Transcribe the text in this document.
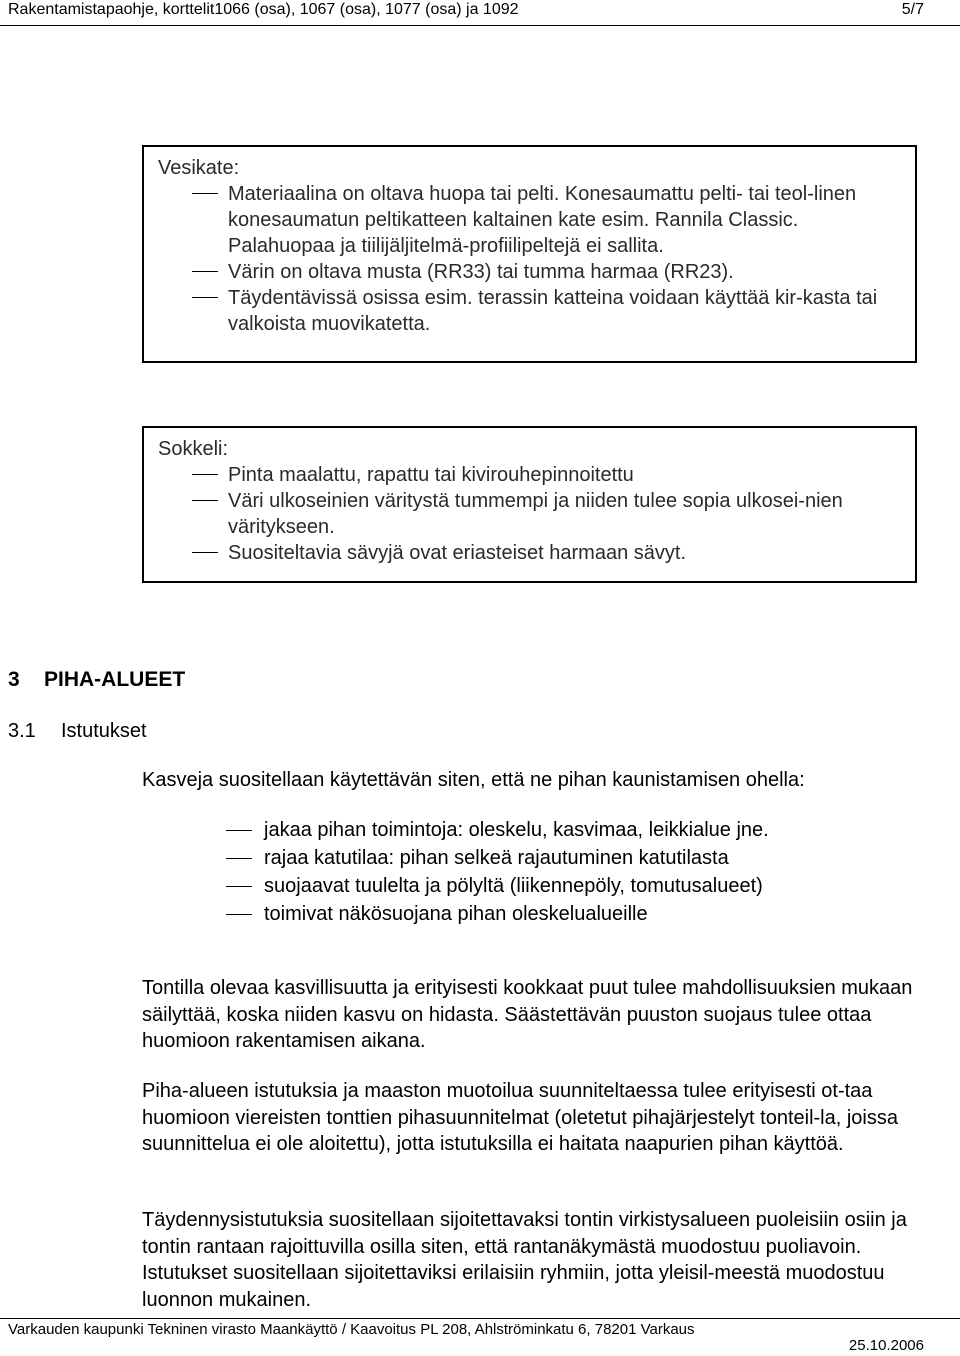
Rakentamistapaohje, korttelit1066 (osa), 1067 (osa), 1077 (osa) ja 1092	5/7
Vesikate:
Materiaalina on oltava huopa tai pelti. Konesaumattu pelti- tai teol-linen konesaumatun peltikatteen kaltainen kate esim. Rannila Classic. Palahuopaa ja tiilijäljitelmä-profiilipeltejä ei sallita.
Värin on oltava musta (RR33) tai tumma harmaa (RR23).
Täydentävissä osissa esim. terassin katteina voidaan käyttää kir-kasta tai valkoista muovikatetta.
Sokkeli:
Pinta maalattu, rapattu tai kivirouhepinnoitettu
Väri ulkoseinien väritystä tummempi ja niiden tulee sopia ulkosei-nien väritykseen.
Suositeltavia sävyjä ovat eriasteiset harmaan sävyt.
3 PIHA-ALUEET
3.1 Istutukset
Kasveja suositellaan käytettävän siten, että ne pihan kaunistamisen ohella:
jakaa pihan toimintoja: oleskelu, kasvimaa, leikkialue jne.
rajaa katutilaa: pihan selkeä rajautuminen katutilasta
suojaavat tuulelta ja pölyltä (liikennepöly, tomutusalueet)
toimivat näkösuojana pihan oleskelualueille
Tontilla olevaa kasvillisuutta ja erityisesti kookkaat puut tulee mahdollisuuksien mukaan säilyttää, koska niiden kasvu on hidasta. Säästettävän puuston suojaus tulee ottaa huomioon rakentamisen aikana.
Piha-alueen istutuksia ja maaston muotoilua suunniteltaessa tulee erityisesti ot-taa huomioon viereisten tonttien pihasuunnitelmat (oletetut pihajärjestelyt tonteil-la, joissa suunnittelua ei ole aloitettu), jotta istutuksilla ei haitata naapurien pihan käyttöä.
Täydennysistutuksia suositellaan sijoitettavaksi tontin virkistysalueen puoleisiin osiin ja tontin rantaan rajoittuvilla osilla siten, että rantanäkymästä muodostuu puoliavoin. Istutukset suositellaan sijoitettaviksi erilaisiin ryhmiin, jotta yleisil-meestä muodostuu luonnon mukainen.
Varkauden kaupunki Tekninen virasto Maankäyttö / Kaavoitus PL 208, Ahlströminkatu 6, 78201 Varkaus
25.10.2006
